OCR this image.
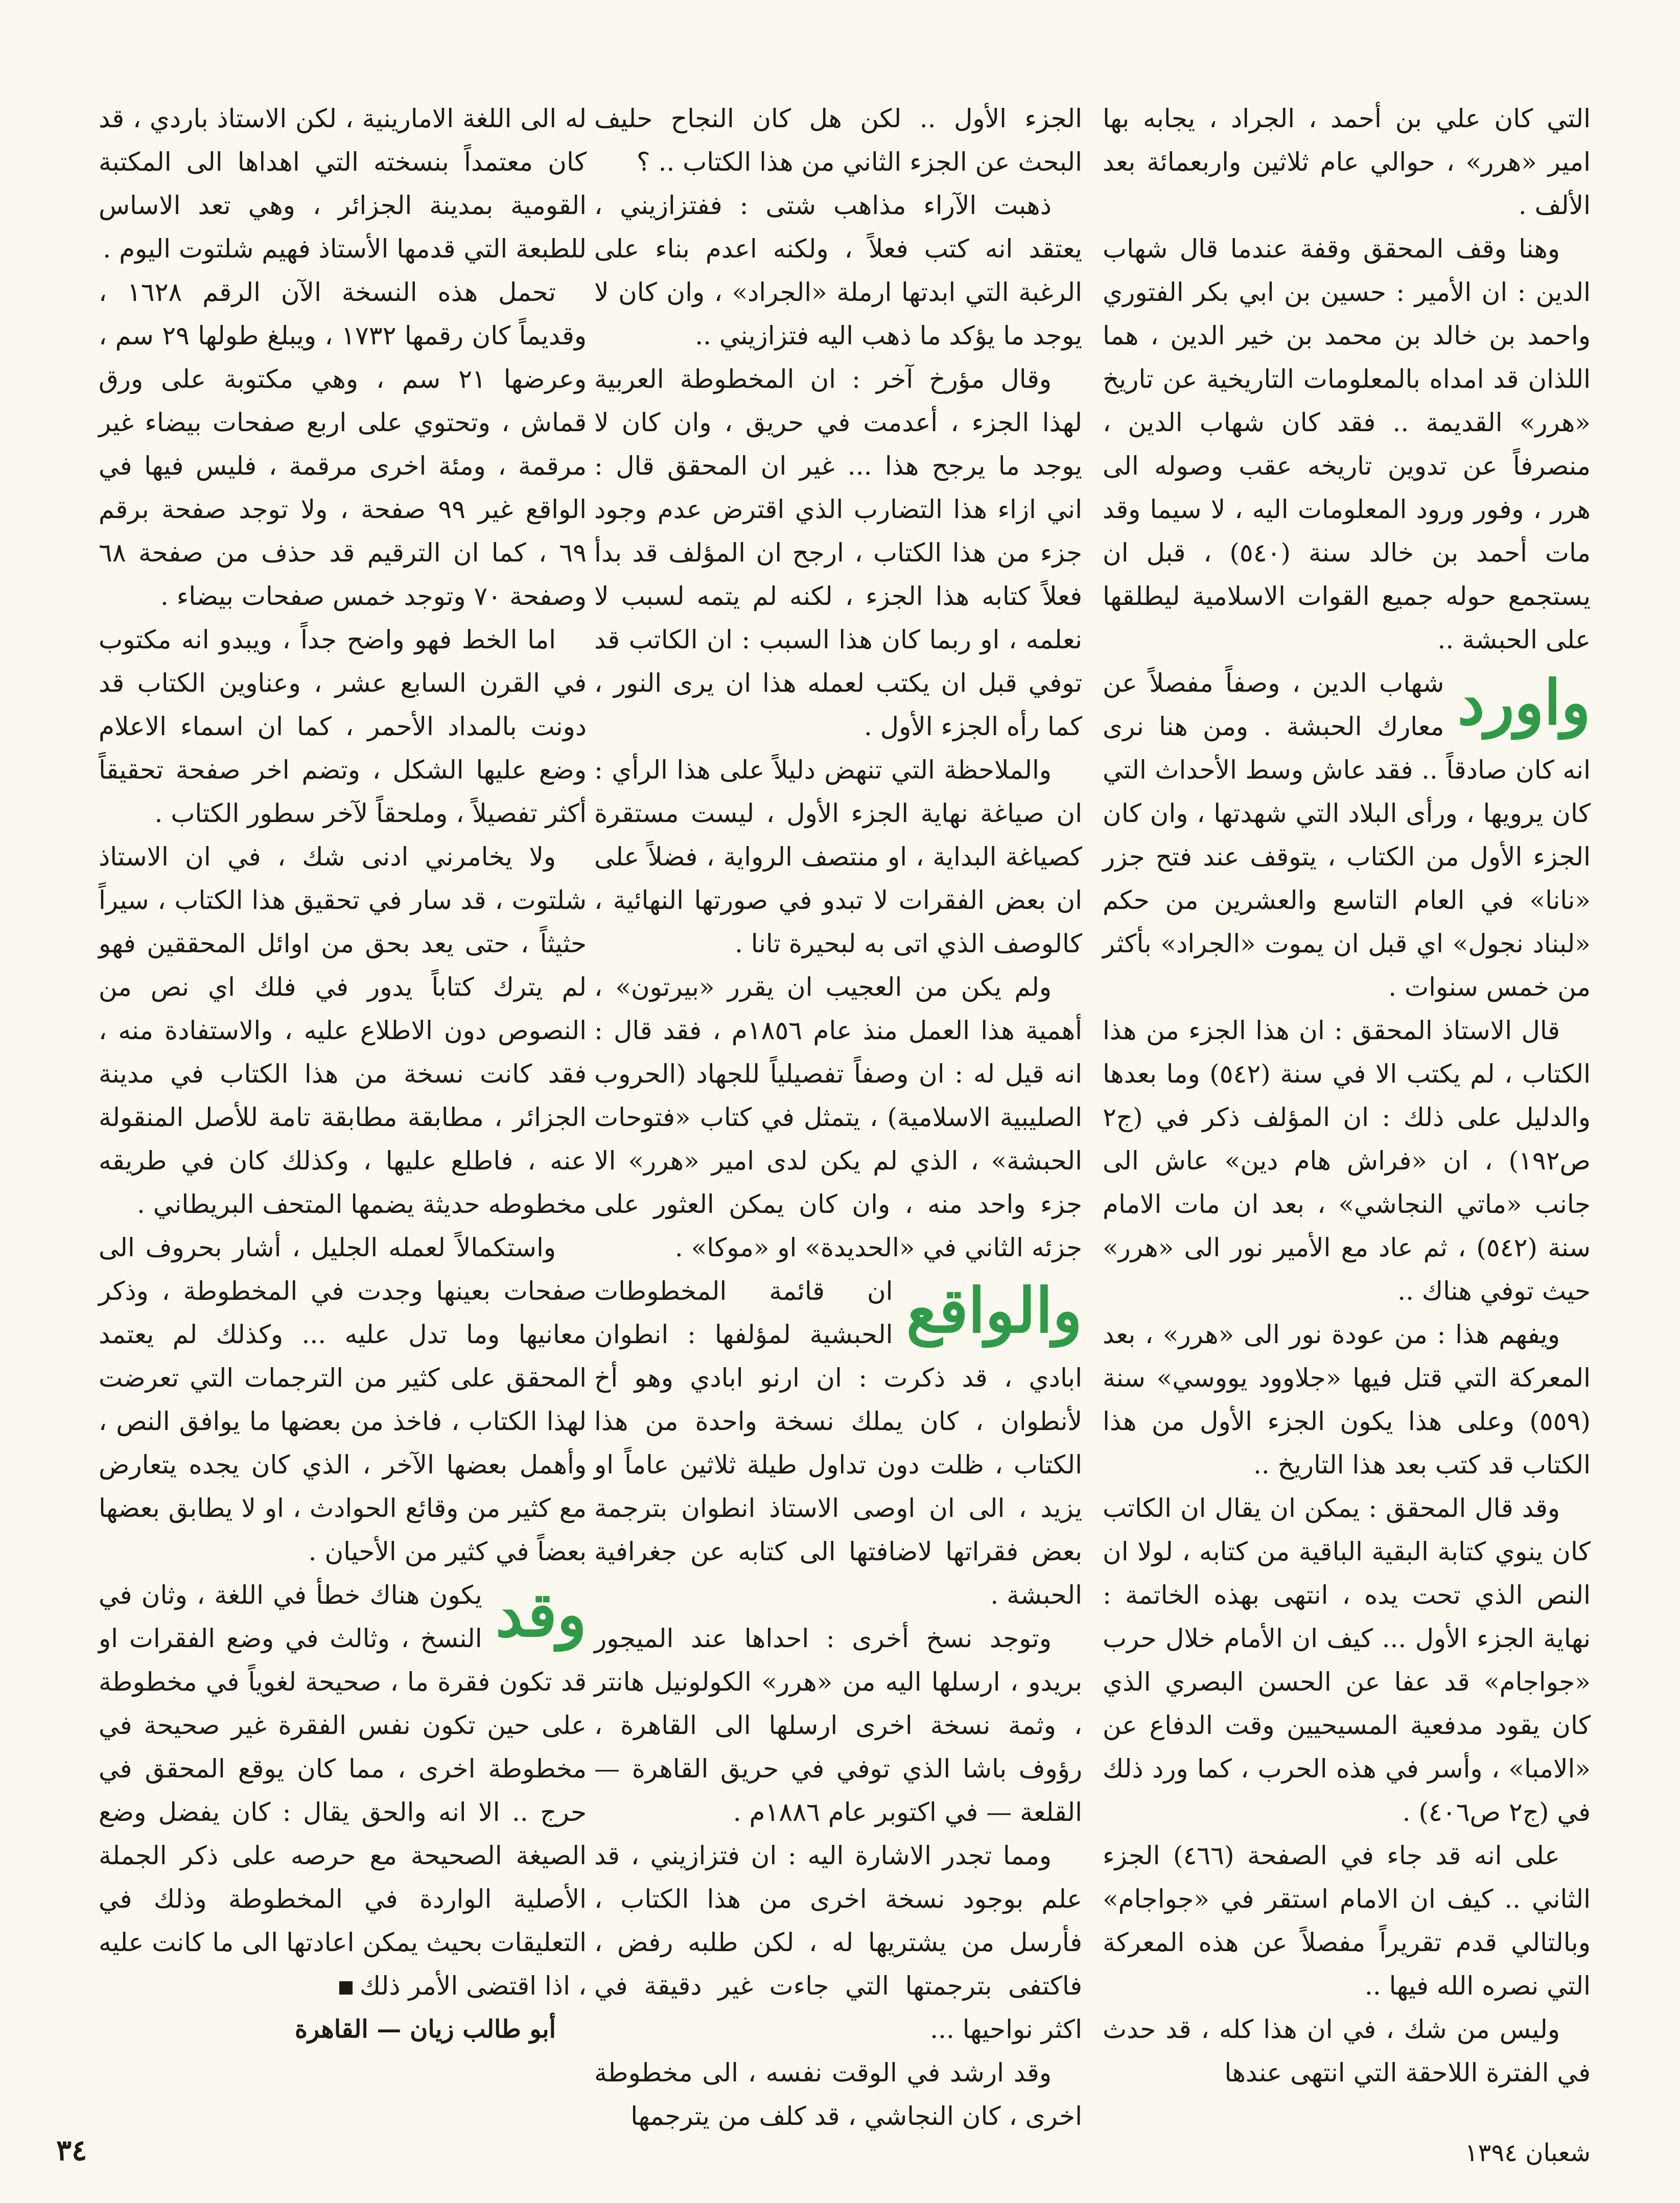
التي كان علي بن أحمد ، الجراد ، يجابه بها امير «هرر» ، حوالي عام ثلاثين واربعمائة بعد الألف .

وهنا وقف المحقق وقفة عندما قال شهاب الدين : ان الأمير : حسين بن ابي بكر الفتوري واحمد بن خالد بن محمد بن خير الدين ، هما اللذان قد امداه بالمعلومات التاريخية عن تاريخ «هرر» القديمة .. فقد كان شهاب الدين ، منصرفاً عن تدوين تاريخه عقب وصوله الى هرر ، وفور ورود المعلومات اليه ، لا سيما وقد مات أحمد بن خالد سنة (٥٤٠) ، قبل ان يستجمع حوله جميع القوات الاسلامية ليطلقها على الحبشة ..

واورد
شهاب الدين ، وصفاً مفصلاً عن معارك الحبشة . ومن هنا نرى انه كان صادقاً .. فقد عاش وسط الأحداث التي كان يرويها ، ورأى البلاد التي شهدتها ، وان كان الجزء الأول من الكتاب ، يتوقف عند فتح جزر «نانا» في العام التاسع والعشرين من حكم «لبناد نجول» اي قبل ان يموت «الجراد» بأكثر من خمس سنوات .

قال الاستاذ المحقق : ان هذا الجزء من هذا الكتاب ، لم يكتب الا في سنة (٥٤٢) وما بعدها والدليل على ذلك : ان المؤلف ذكر في (ج٢ ص١٩٢) ، ان «فراش هام دين» عاش الى جانب «ماتي النجاشي» ، بعد ان مات الامام سنة (٥٤٢) ، ثم عاد مع الأمير نور الى «هرر» حيث توفي هناك ..

ويفهم هذا : من عودة نور الى «هرر» ، بعد المعركة التي قتل فيها «جلاوود يووسي» سنة (٥٥٩) وعلى هذا يكون الجزء الأول من هذا الكتاب قد كتب بعد هذا التاريخ ..

وقد قال المحقق : يمكن ان يقال ان الكاتب كان ينوي كتابة البقية الباقية من كتابه ، لولا ان النص الذي تحت يده ، انتهى بهذه الخاتمة : نهاية الجزء الأول ... كيف ان الأمام خلال حرب «جواجام» قد عفا عن الحسن البصري الذي كان يقود مدفعية المسيحيين وقت الدفاع عن «الامبا» ، وأسر في هذه الحرب ، كما ورد ذلك في (ج٢ ص٤٠٦) .

على انه قد جاء في الصفحة (٤٦٦) الجزء الثاني .. كيف ان الامام استقر في «جواجام» وبالتالي قدم تقريراً مفصلاً عن هذه المعركة التي نصره الله فيها ..

وليس من شك ، في ان هذا كله ، قد حدث في الفترة اللاحقة التي انتهى عندها

الجزء الأول .. لكن هل كان النجاح حليف البحث عن الجزء الثاني من هذا الكتاب .. ؟

ذهبت الآراء مذاهب شتى : ففتزازيني ، يعتقد انه كتب فعلاً ، ولكنه اعدم بناء على الرغبة التي ابدتها ارملة «الجراد» ، وان كان لا يوجد ما يؤكد ما ذهب اليه فتزازيني ..

وقال مؤرخ آخر : ان المخطوطة العربية لهذا الجزء ، أعدمت في حريق ، وان كان لا يوجد ما يرجح هذا ... غير ان المحقق قال : اني ازاء هذا التضارب الذي اقترض عدم وجود جزء من هذا الكتاب ، ارجح ان المؤلف قد بدأ فعلاً كتابه هذا الجزء ، لكنه لم يتمه لسبب لا نعلمه ، او ربما كان هذا السبب : ان الكاتب قد توفي قبل ان يكتب لعمله هذا ان يرى النور ، كما رأه الجزء الأول .

والملاحظة التي تنهض دليلاً على هذا الرأي : ان صياغة نهاية الجزء الأول ، ليست مستقرة كصياغة البداية ، او منتصف الرواية ، فضلاً على ان بعض الفقرات لا تبدو في صورتها النهائية ، كالوصف الذي اتى به لبحيرة تانا .

ولم يكن من العجيب ان يقرر «بيرتون» ، أهمية هذا العمل منذ عام ١٨٥٦م ، فقد قال : انه قيل له : ان وصفاً تفصيلياً للجهاد (الحروب الصليبية الاسلامية) ، يتمثل في كتاب «فتوحات الحبشة» ، الذي لم يكن لدى امير «هرر» الا جزء واحد منه ، وان كان يمكن العثور على جزئه الثاني في «الحديدة» او «موكا» .

والواقع
ان قائمة المخطوطات الحبشية لمؤلفها : انطوان ابادي ، قد ذكرت : ان ارنو ابادي وهو أخ لأنطوان ، كان يملك نسخة واحدة من هذا الكتاب ، ظلت دون تداول طيلة ثلاثين عاماً او يزيد ، الى ان اوصى الاستاذ انطوان بترجمة بعض فقراتها لاضافتها الى كتابه عن جغرافية الحبشة .

وتوجد نسخ أخرى : احداها عند الميجور بريدو ، ارسلها اليه من «هرر» الكولونيل هانتر ، وثمة نسخة اخرى ارسلها الى القاهرة ، رؤوف باشا الذي توفي في حريق القاهرة — القلعة — في اكتوبر عام ١٨٨٦م .

ومما تجدر الاشارة اليه : ان فتزازيني ، قد علم بوجود نسخة اخرى من هذا الكتاب ، فأرسل من يشتريها له ، لكن طلبه رفض ، فاكتفى بترجمتها التي جاءت غير دقيقة في اكثر نواحيها ...

وقد ارشد في الوقت نفسه ، الى مخطوطة اخرى ، كان النجاشي ، قد كلف من يترجمها

له الى اللغة الامارينية ، لكن الاستاذ باردي ، قد كان معتمداً بنسخته التي اهداها الى المكتبة القومية بمدينة الجزائر ، وهي تعد الاساس للطبعة التي قدمها الأستاذ فهيم شلتوت اليوم .

تحمل هذه النسخة الآن الرقم ١٦٢٨ ، وقديماً كان رقمها ١٧٣٢ ، ويبلغ طولها ٢٩ سم ، وعرضها ٢١ سم ، وهي مكتوبة على ورق قماش ، وتحتوي على اربع صفحات بيضاء غير مرقمة ، ومئة اخرى مرقمة ، فليس فيها في الواقع غير ٩٩ صفحة ، ولا توجد صفحة برقم ٦٩ ، كما ان الترقيم قد حذف من صفحة ٦٨ وصفحة ٧٠ وتوجد خمس صفحات بيضاء .

اما الخط فهو واضح جداً ، ويبدو انه مكتوب في القرن السابع عشر ، وعناوين الكتاب قد دونت بالمداد الأحمر ، كما ان اسماء الاعلام وضع عليها الشكل ، وتضم اخر صفحة تحقيقاً أكثر تفصيلاً ، وملحقاً لآخر سطور الكتاب .

ولا يخامرني ادنى شك ، في ان الاستاذ شلتوت ، قد سار في تحقيق هذا الكتاب ، سيراً حثيثاً ، حتى يعد بحق من اوائل المحققين فهو لم يترك كتاباً يدور في فلك اي نص من النصوص دون الاطلاع عليه ، والاستفادة منه ، فقد كانت نسخة من هذا الكتاب في مدينة الجزائر ، مطابقة مطابقة تامة للأصل المنقولة عنه ، فاطلع عليها ، وكذلك كان في طريقه مخطوطه حديثة يضمها المتحف البريطاني .

واستكمالاً لعمله الجليل ، أشار بحروف الى صفحات بعينها وجدت في المخطوطة ، وذكر معانيها وما تدل عليه ... وكذلك لم يعتمد المحقق على كثير من الترجمات التي تعرضت لهذا الكتاب ، فاخذ من بعضها ما يوافق النص ، وأهمل بعضها الآخر ، الذي كان يجده يتعارض مع كثير من وقائع الحوادث ، او لا يطابق بعضها بعضاً في كثير من الأحيان .

وقد
يكون هناك خطأ في اللغة ، وثان في النسخ ، وثالث في وضع الفقرات او قد تكون فقرة ما ، صحيحة لغوياً في مخطوطة على حين تكون نفس الفقرة غير صحيحة في مخطوطة اخرى ، مما كان يوقع المحقق في حرج .. الا انه والحق يقال : كان يفضل وضع الصيغة الصحيحة مع حرصه على ذكر الجملة الأصلية الواردة في المخطوطة وذلك في التعليقات بحيث يمكن اعادتها الى ما كانت عليه ، اذا اقتضى الأمر ذلك

أبو طالب زيان — القاهرة

شعبان ١٣٩٤
٣٤
